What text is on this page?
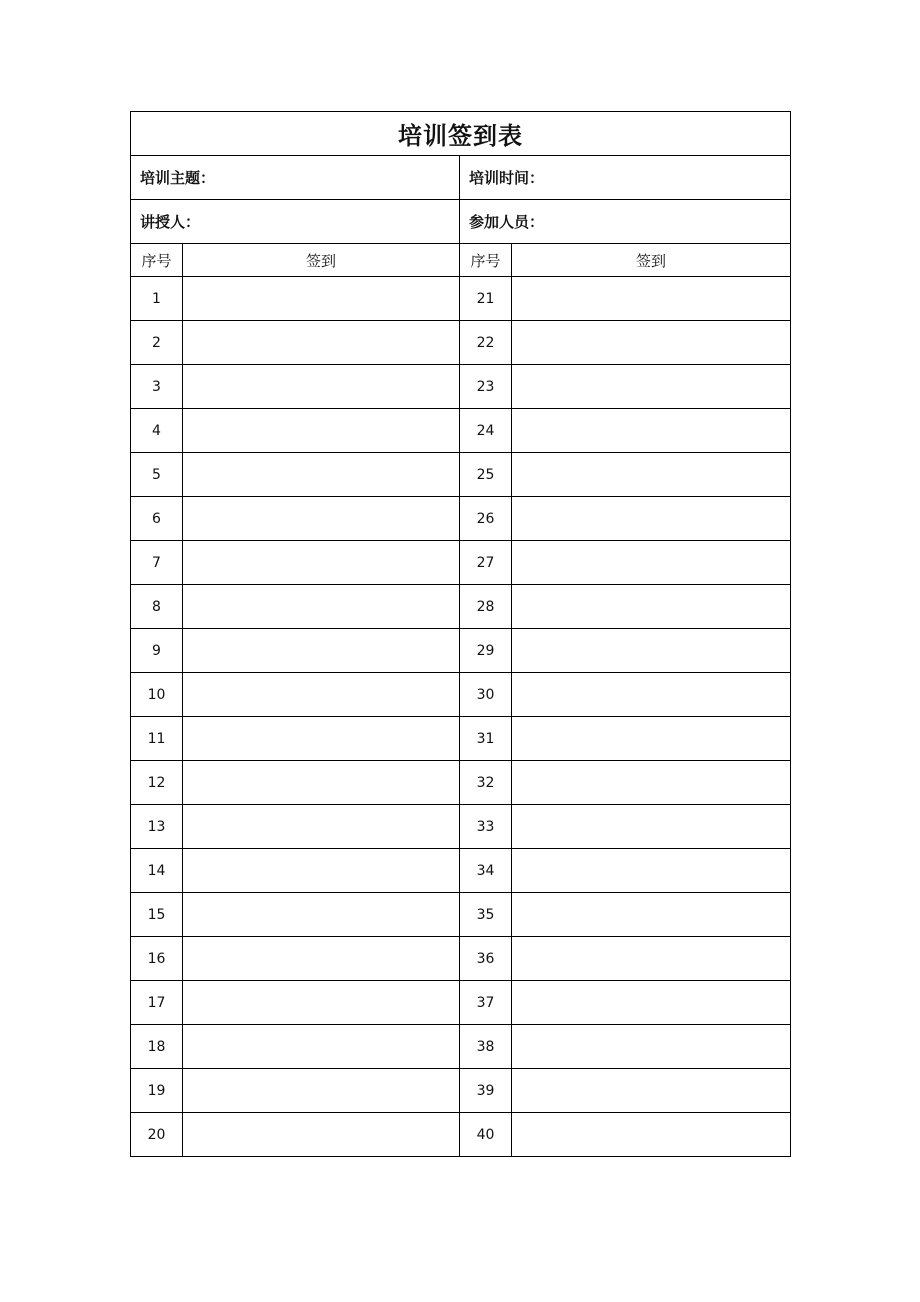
培训签到表			
培训主题：		培训时间：	
讲授人：		参加人员：	
序号	签到	序号	签到
1		21	
2		22	
3		23	
4		24	
5		25	
6		26	
7		27	
8		28	
9		29	
10		30	
11		31	
12		32	
13		33	
14		34	
15		35	
16		36	
17		37	
18		38	
19		39	
20		40	
